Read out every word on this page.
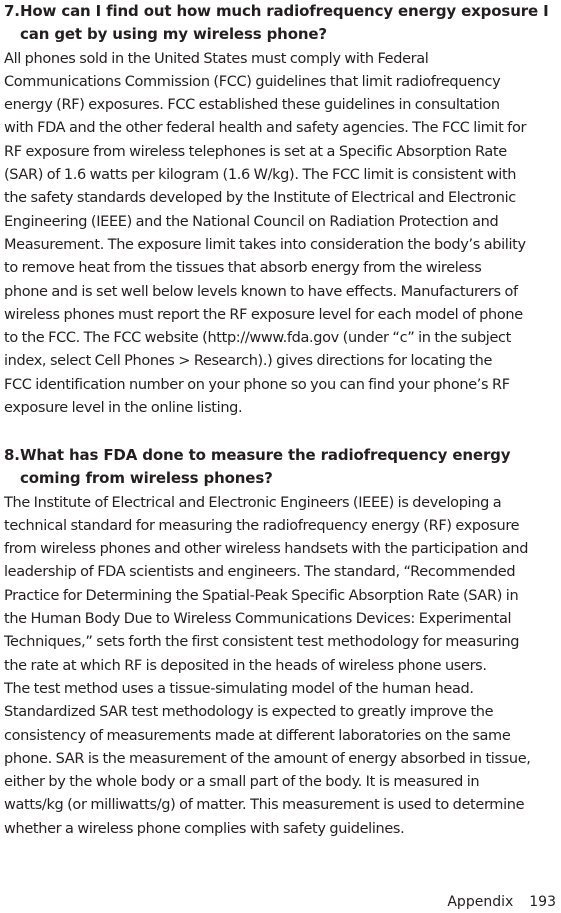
7. How can I find out how much radiofrequency energy exposure I can get by using my wireless phone?
All phones sold in the United States must comply with Federal
Communications Commission (FCC) guidelines that limit radiofrequency
energy (RF) exposures. FCC established these guidelines in consultation
with FDA and the other federal health and safety agencies. The FCC limit for
RF exposure from wireless telephones is set at a Specific Absorption Rate
(SAR) of 1.6 watts per kilogram (1.6 W/kg). The FCC limit is consistent with
the safety standards developed by the Institute of Electrical and Electronic
Engineering (IEEE) and the National Council on Radiation Protection and
Measurement. The exposure limit takes into consideration the body’s ability
to remove heat from the tissues that absorb energy from the wireless
phone and is set well below levels known to have effects. Manufacturers of
wireless phones must report the RF exposure level for each model of phone
to the FCC. The FCC website (http://www.fda.gov (under “c” in the subject
index, select Cell Phones > Research).) gives directions for locating the
FCC identification number on your phone so you can find your phone’s RF
exposure level in the online listing.
8. What has FDA done to measure the radiofrequency energy coming from wireless phones?
The Institute of Electrical and Electronic Engineers (IEEE) is developing a
technical standard for measuring the radiofrequency energy (RF) exposure
from wireless phones and other wireless handsets with the participation and
leadership of FDA scientists and engineers. The standard, “Recommended
Practice for Determining the Spatial-Peak Specific Absorption Rate (SAR) in
the Human Body Due to Wireless Communications Devices: Experimental
Techniques,” sets forth the first consistent test methodology for measuring
the rate at which RF is deposited in the heads of wireless phone users.
The test method uses a tissue-simulating model of the human head.
Standardized SAR test methodology is expected to greatly improve the
consistency of measurements made at different laboratories on the same
phone. SAR is the measurement of the amount of energy absorbed in tissue,
either by the whole body or a small part of the body. It is measured in
watts/kg (or milliwatts/g) of matter. This measurement is used to determine
whether a wireless phone complies with safety guidelines.
Appendix 193
